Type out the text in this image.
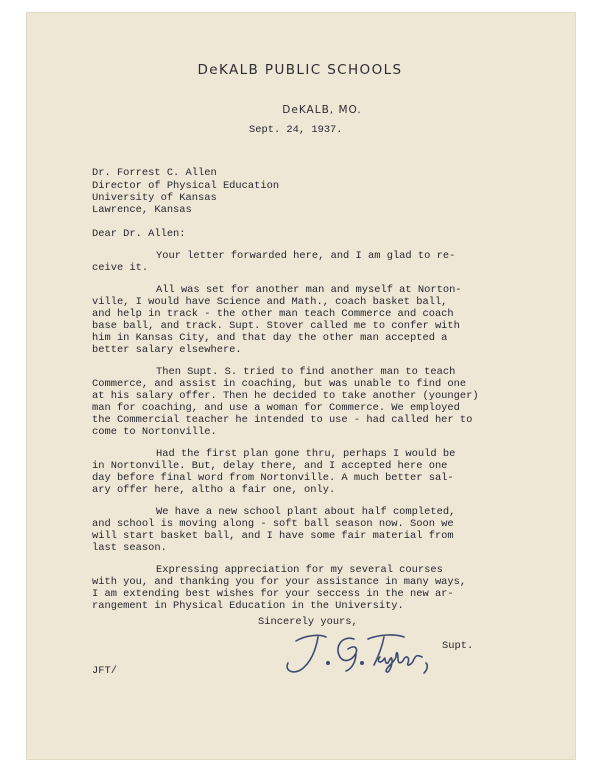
DeKALB PUBLIC SCHOOLS
DeKALB, MO.

Sept. 24, 1937.

Dr. Forrest C. Allen

Director of Physical Education

University of Kansas

Lawrence, Kansas

Dear Dr. Allen:

Your letter forwarded here, and I am glad to re-

ceive it.

All was set for another man and myself at Norton-

ville, I would have Science and Math., coach basket ball,

and help in track - the other man teach Commerce and coach

base ball, and track. Supt. Stover called me to confer with

him in Kansas City, and that day the other man accepted a

better salary elsewhere.

Then Supt. S. tried to find another man to teach

Commerce, and assist in coaching, but was unable to find one

at his salary offer. Then he decided to take another (younger)

man for coaching, and use a woman for Commerce. We employed

the Commercial teacher he intended to use - had called her to

come to Nortonville.

Had the first plan gone thru, perhaps I would be

in Nortonville. But, delay there, and I accepted here one

day before final word from Nortonville. A much better sal-

ary offer here, altho a fair one, only.

We have a new school plant about half completed,

and school is moving along - soft ball season now. Soon we

will start basket ball, and I have some fair material from

last season.

Expressing appreciation for my several courses

with you, and thanking you for your assistance in many ways,

I am extending best wishes for your seccess in the new ar-

rangement in Physical Education in the University.

Sincerely yours,

Supt.

JFT/
